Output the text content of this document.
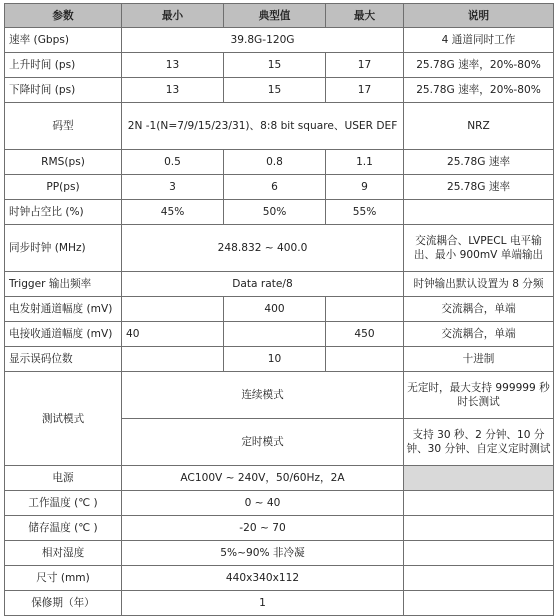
参数	最小	典型值	最大	说明
速率 (Gbps)	39.8G-120G			4 通道同时工作
上升时间 (ps)	13	15	17	25.78G 速率，20%-80%
下降时间 (ps)	13	15	17	25.78G 速率，20%-80%
码型	2N -1(N=7/9/15/23/31)、8:8 bit square、USER DEF			NRZ
RMS(ps)	0.5	0.8	1.1	25.78G 速率
PP(ps)	3	6	9	25.78G 速率
时钟占空比 (%)	45%	50%	55%	
同步时钟 (MHz)	248.832 ~ 400.0			交流耦合、LVPECL 电平输出、最小 900mV 单端输出
Trigger 输出频率	Data rate/8			时钟输出默认设置为 8 分频
电发射通道幅度 (mV)		400		交流耦合，单端
电接收通道幅度 (mV)	40		450	交流耦合，单端
显示误码位数		10		十进制
测试模式	连续模式			无定时，最大支持 999999 秒时长测试
	定时模式			支持 30 秒、2 分钟、10 分钟、30 分钟、自定义定时测试
电源	AC100V ~ 240V，50/60Hz，2A			
工作温度 (℃ )	0 ~ 40			
储存温度 (℃ )	-20 ~ 70			
相对湿度	5%~90% 非冷凝			
尺寸 (mm)	440x340x112			
保修期（年）	1			
